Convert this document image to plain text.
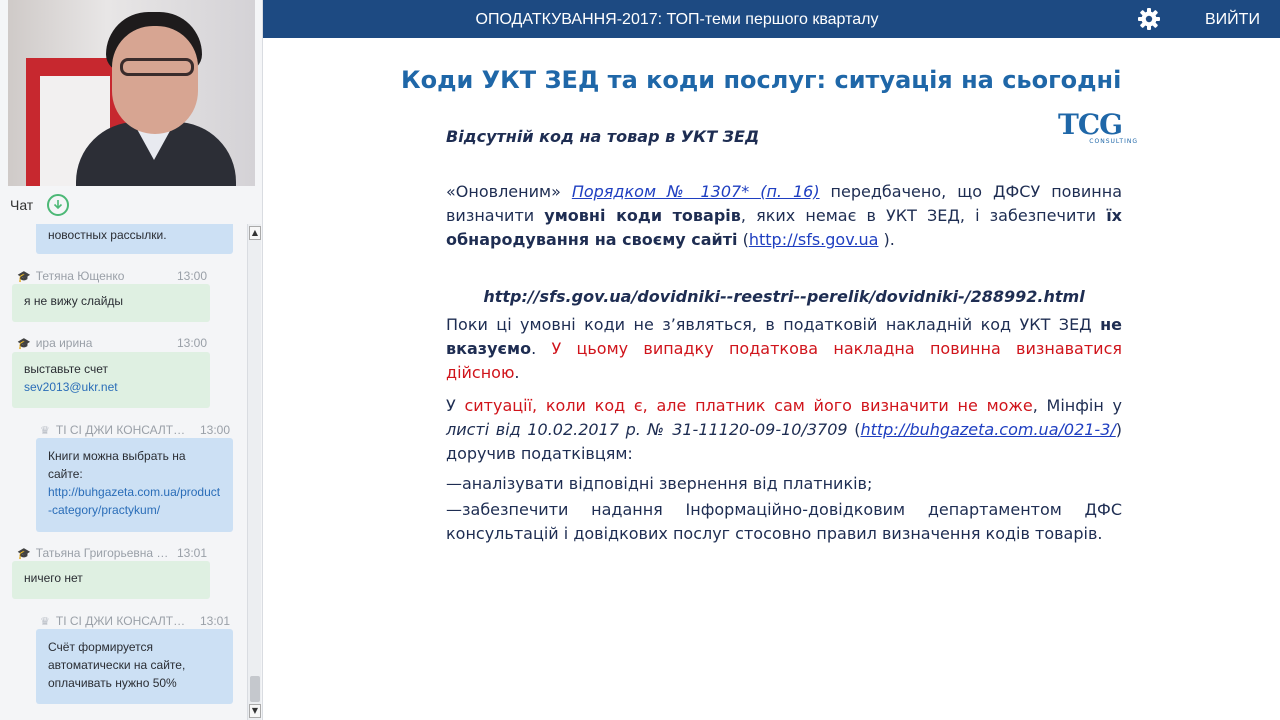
Чат
новостных рассылки.
🎓 Тетяна Ющенко	13:00
я не вижу слайды
🎓 ира ирина	13:00
выставьте счет
sev2013@ukr.net
♛ ТІ СІ ДЖИ КОНСАЛТ… 13:00
Книги можна выбрать на сайте:
http://buhgazeta.com.ua/product-category/practykum/
🎓 Татьяна Григорьевна … 13:01
ничего нет
♛ ТІ СІ ДЖИ КОНСАЛТ… 13:01
Счёт формируется автоматически на сайте, оплачивать нужно 50%
▲
▼
ОПОДАТКУВАННЯ-2017: ТОП-теми першого кварталу	ВИЙТИ
Коди УКТ ЗЕД та коди послуг: ситуація на сьогодні
TCG
CONSULTING
Відсутній код на товар в УКТ ЗЕД
«Оновленим» Порядком № 1307* (п. 16) передбачено, що ДФСУ повинна визначити умовні коди товарів, яких немає в УКТ ЗЕД, і забезпечити їх обнародування на своєму сайті (http://sfs.gov.ua ).
http://sfs.gov.ua/dovidniki--reestri--perelik/dovidniki-/288992.html
Поки ці умовні коди не з’являться, в податковій накладній код УКТ ЗЕД не вказуємо. У цьому випадку податкова накладна повинна визнаватися дійсною.
У ситуації, коли код є, але платник сам його визначити не може, Мінфін у листі від 10.02.2017 р. № 31-11120-09-10/3709 (http://buhgazeta.com.ua/021-3/) доручив податківцям:
—аналізувати відповідні звернення від платників;
—забезпечити надання Інформаційно-довідковим департаментом ДФС консультацій і довідкових послуг стосовно правил визначення кодів товарів.
